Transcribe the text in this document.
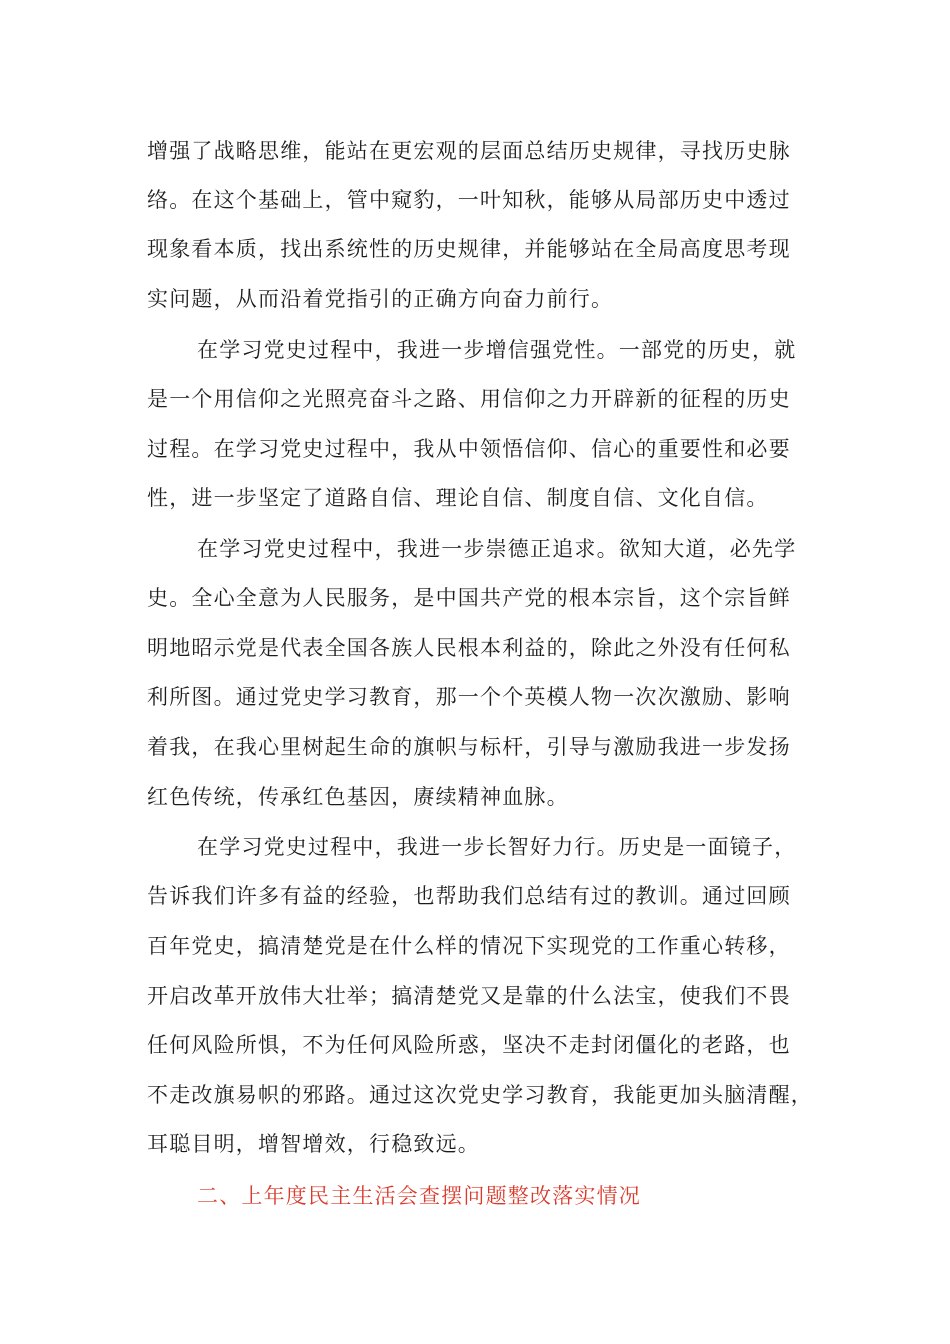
增强了战略思维，能站在更宏观的层面总结历史规律，寻找历史脉
络。在这个基础上，管中窥豹，一叶知秋，能够从局部历史中透过
现象看本质，找出系统性的历史规律，并能够站在全局高度思考现
实问题，从而沿着党指引的正确方向奋力前行。
在学习党史过程中，我进一步增信强党性。一部党的历史，就
是一个用信仰之光照亮奋斗之路、用信仰之力开辟新的征程的历史
过程。在学习党史过程中，我从中领悟信仰、信心的重要性和必要
性，进一步坚定了道路自信、理论自信、制度自信、文化自信。
在学习党史过程中，我进一步崇德正追求。欲知大道，必先学
史。全心全意为人民服务，是中国共产党的根本宗旨，这个宗旨鲜
明地昭示党是代表全国各族人民根本利益的，除此之外没有任何私
利所图。通过党史学习教育，那一个个英模人物一次次激励、影响
着我，在我心里树起生命的旗帜与标杆，引导与激励我进一步发扬
红色传统，传承红色基因，赓续精神血脉。
在学习党史过程中，我进一步长智好力行。历史是一面镜子，
告诉我们许多有益的经验，也帮助我们总结有过的教训。通过回顾
百年党史，搞清楚党是在什么样的情况下实现党的工作重心转移，
开启改革开放伟大壮举；搞清楚党又是靠的什么法宝，使我们不畏
任何风险所惧，不为任何风险所惑，坚决不走封闭僵化的老路，也
不走改旗易帜的邪路。通过这次党史学习教育，我能更加头脑清醒，
耳聪目明，增智增效，行稳致远。
二、上年度民主生活会查摆问题整改落实情况
